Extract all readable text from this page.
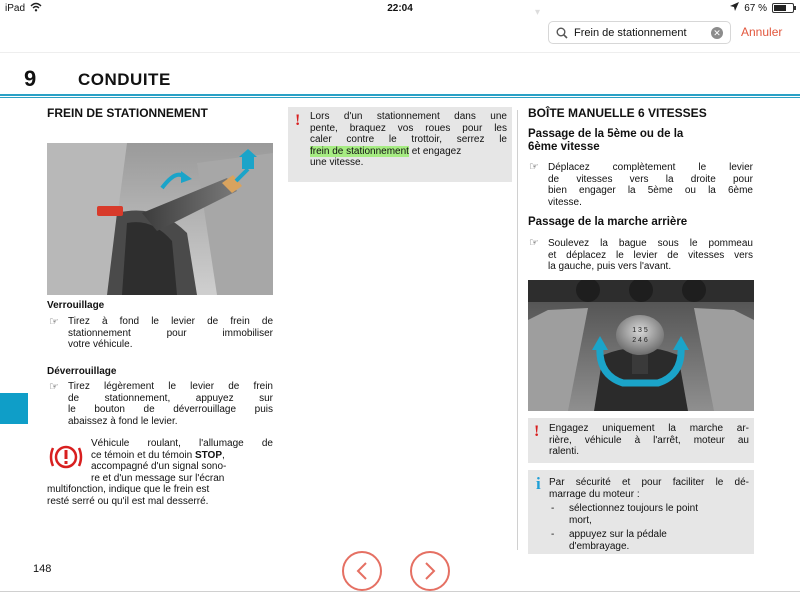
iPad	22:04	67 %
▾
Frein de stationnement
✕ Annuler
9 CONDUITE
FREIN DE STATIONNEMENT
Verrouillage
☞ Tirez à fond le levier de frein de
stationnement pour immobiliser
votre véhicule.
Déverrouillage
☞ Tirez légèrement le levier de frein
de stationnement, appuyez sur
le bouton de déverrouillage puis
abaissez à fond le levier.
Véhicule roulant, l'allumage de
ce témoin et du témoin STOP,
accompagné d'un signal sono-
re et d'un message sur l'écran
multifonction, indique que le frein est
resté serré ou qu'il est mal desserré.
! Lors d'un stationnement dans une
pente, braquez vos roues pour les
caler contre le trottoir, serrez le
frein de stationnement et engagez
une vitesse.
BOÎTE MANUELLE 6 VITESSES
Passage de la 5ème ou de la
6ème vitesse
☞ Déplacez complètement le levier
de vitesses vers la droite pour
bien engager la 5ème ou la 6ème
vitesse.
Passage de la marche arrière
☞ Soulevez la bague sous le pommeau
et déplacez le levier de vitesses vers
la gauche, puis vers l'avant.
1 3 5
2 4 6
! Engagez uniquement la marche ar-
rière, véhicule à l'arrêt, moteur au
ralenti.
i Par sécurité et pour faciliter le dé-
marrage du moteur :
- sélectionnez toujours le point
mort,
- appuyez sur la pédale
d'embrayage.
148
